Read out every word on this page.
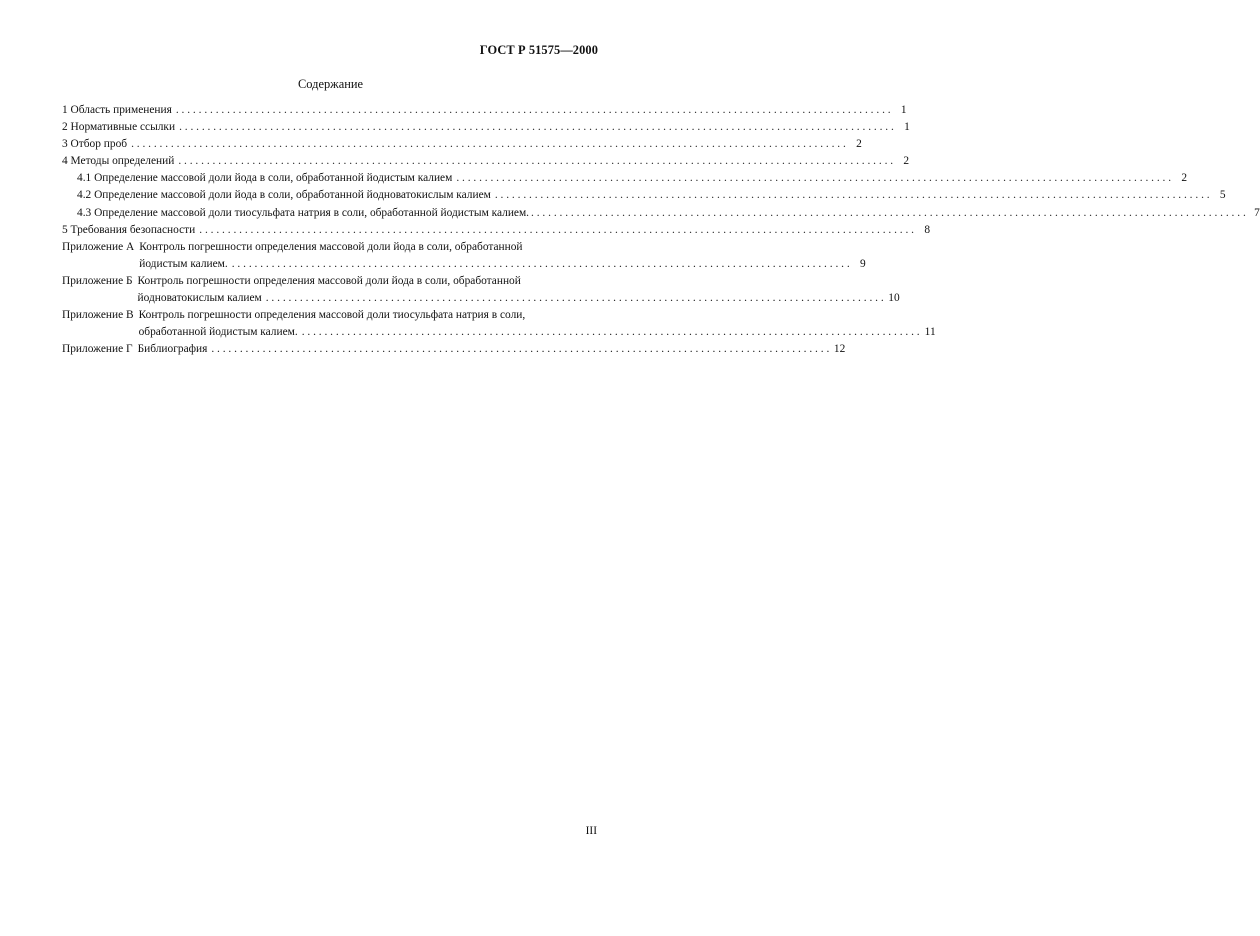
ГОСТ Р 51575—2000
Содержание
1 Область применения . . .	1
2 Нормативные ссылки . . .	1
3 Отбор проб . . .	2
4 Методы определений . . .	2
4.1 Определение массовой доли йода в соли, обработанной йодистым калием . . .	2
4.2 Определение массовой доли йода в соли, обработанной йодноватокислым калием . . .	5
4.3 Определение массовой доли тиосульфата натрия в соли, обработанной йодистым калием. . . .	7
5 Требования безопасности . . .	8
Приложение А Контроль погрешности определения массовой доли йода в соли, обработанной
йодистым калием. . . .	9
Приложение Б Контроль погрешности определения массовой доли йода в соли, обработанной
йодноватокислым калием . . .	10
Приложение В Контроль погрешности определения массовой доли тиосульфата натрия в соли,
обработанной йодистым калием. . . .	11
Приложение Г Библиография . . .	12
III
